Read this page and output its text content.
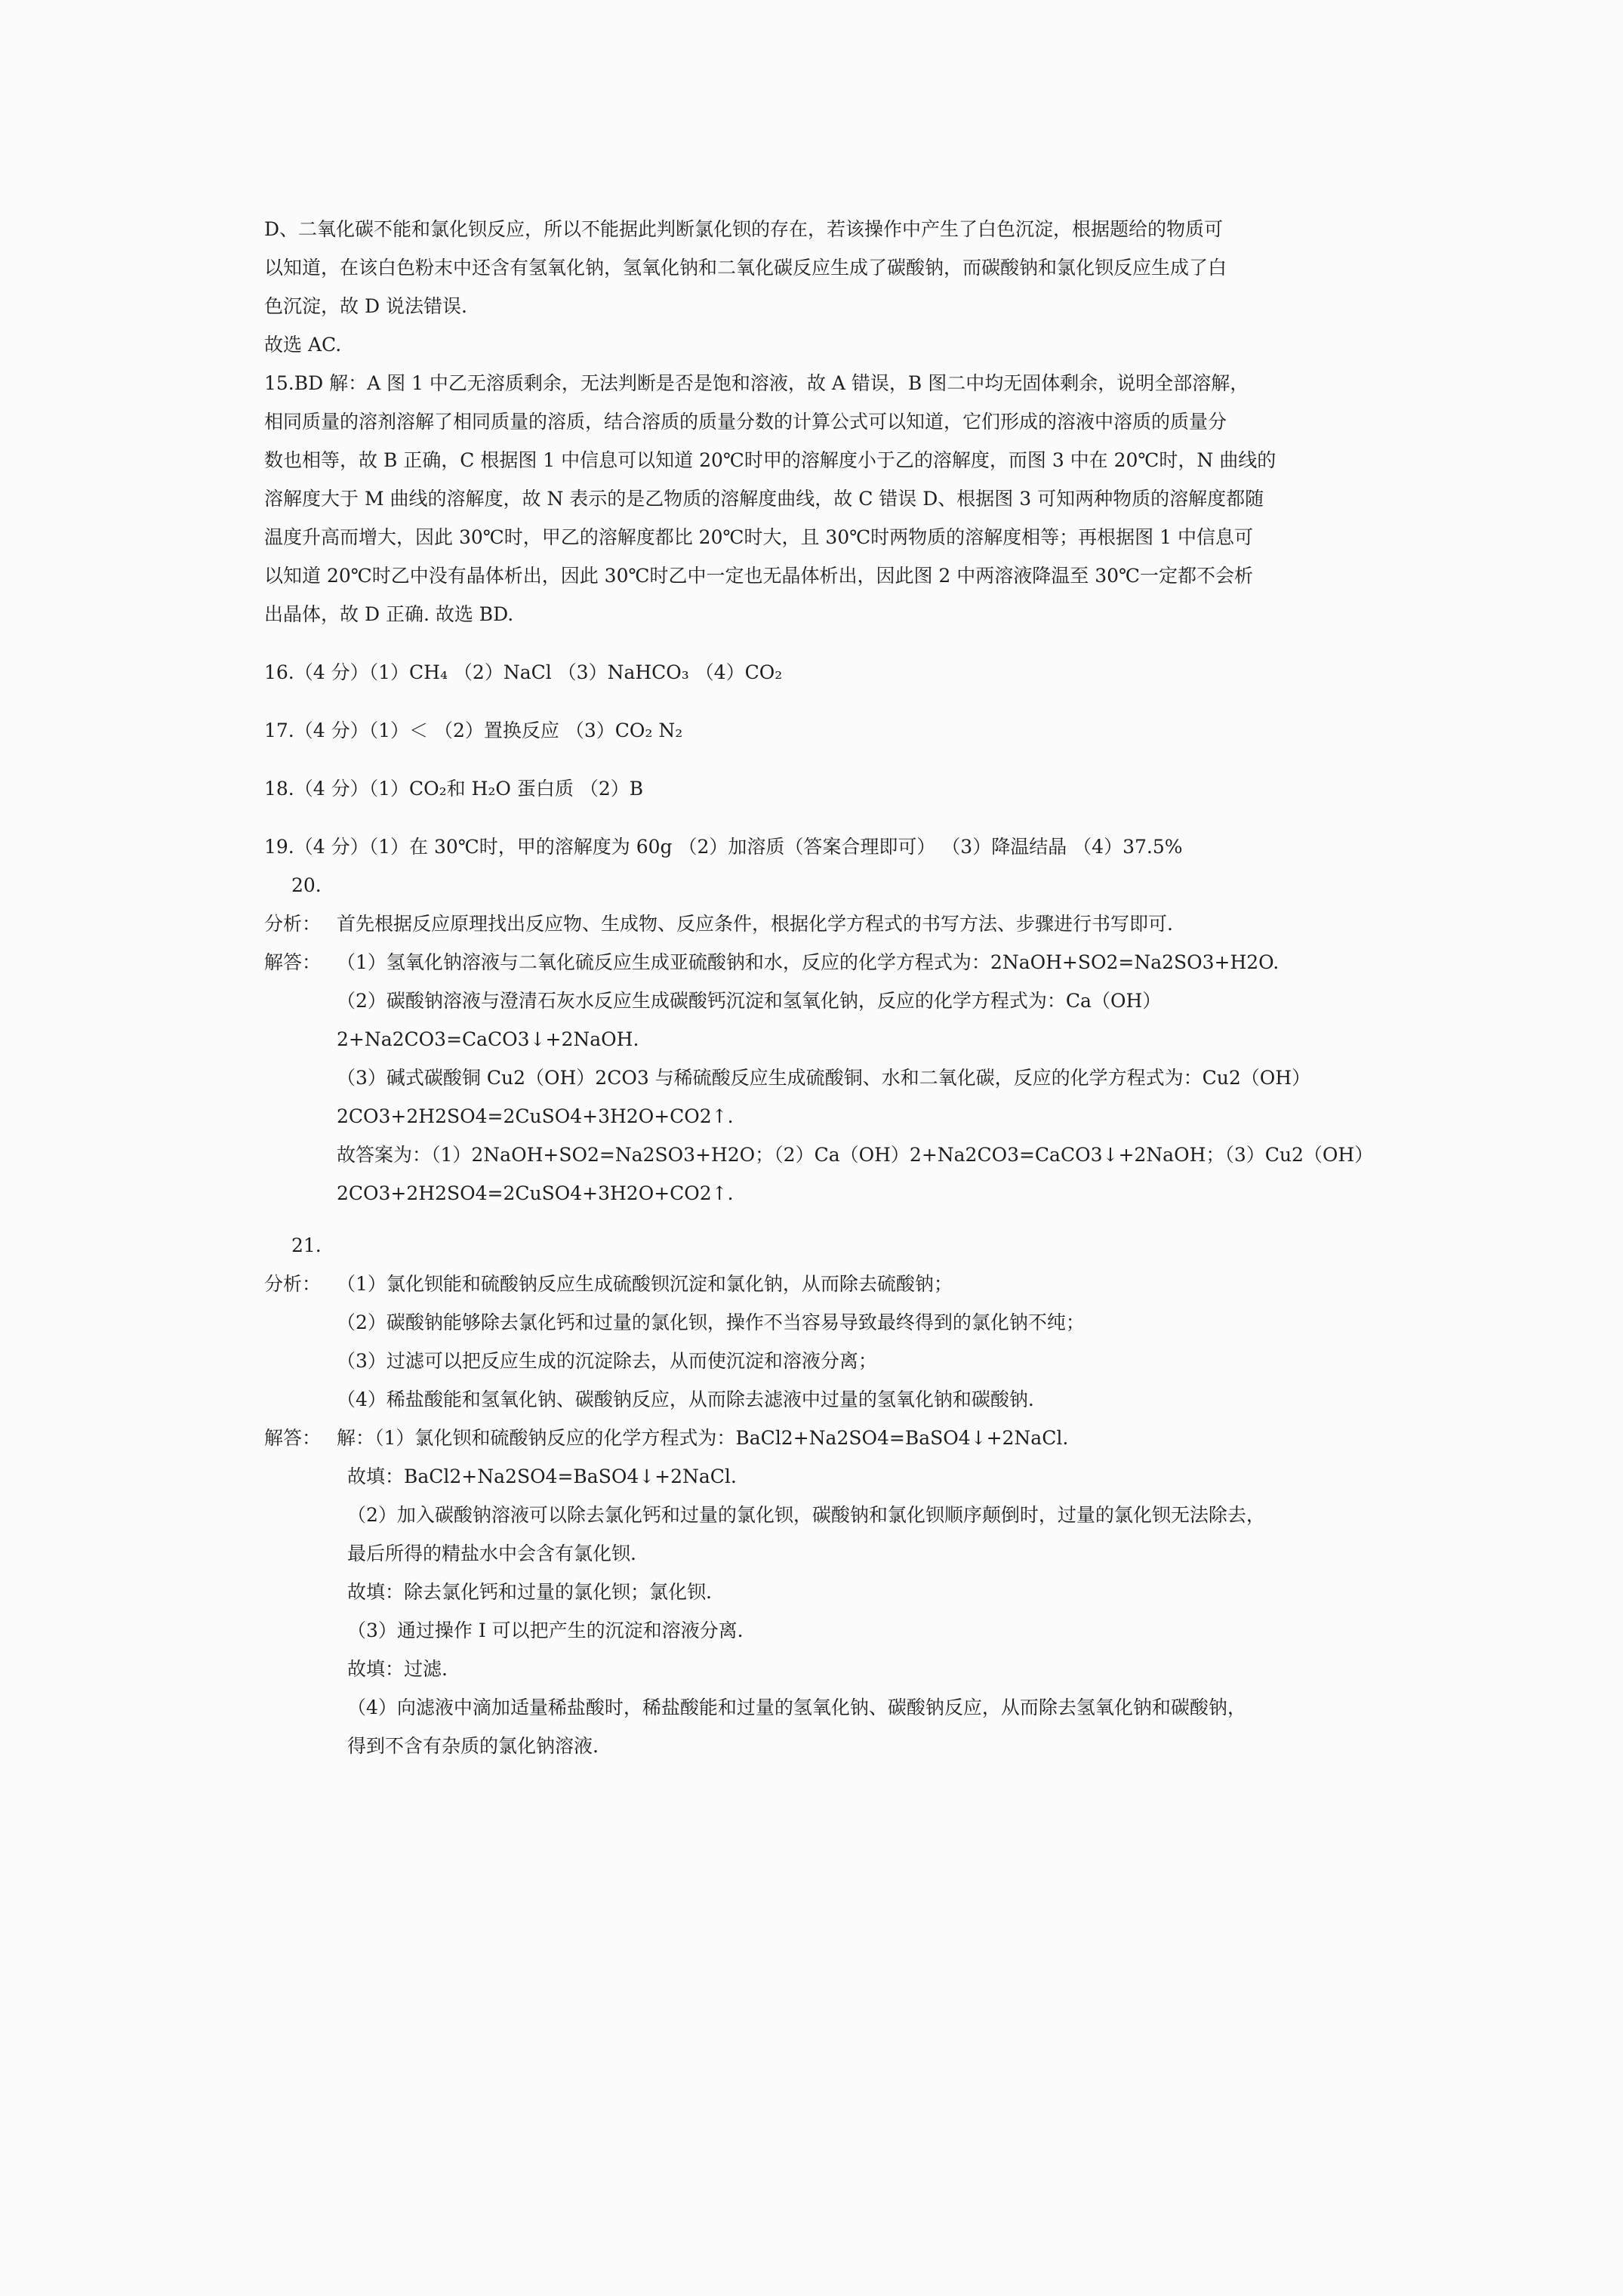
D、二氧化碳不能和氯化钡反应，所以不能据此判断氯化钡的存在，若该操作中产生了白色沉淀，根据题给的物质可

以知道，在该白色粉末中还含有氢氧化钠，氢氧化钠和二氧化碳反应生成了碳酸钠，而碳酸钠和氯化钡反应生成了白

色沉淀，故 D 说法错误.

故选 AC.

15.BD 解：A 图 1 中乙无溶质剩余，无法判断是否是饱和溶液，故 A 错误，B 图二中均无固体剩余，说明全部溶解，

相同质量的溶剂溶解了相同质量的溶质，结合溶质的质量分数的计算公式可以知道，它们形成的溶液中溶质的质量分

数也相等，故 B 正确，C 根据图 1 中信息可以知道 20℃时甲的溶解度小于乙的溶解度，而图 3 中在 20℃时，N 曲线的

溶解度大于 M 曲线的溶解度，故 N 表示的是乙物质的溶解度曲线，故 C 错误 D、根据图 3 可知两种物质的溶解度都随

温度升高而增大，因此 30℃时，甲乙的溶解度都比 20℃时大，且 30℃时两物质的溶解度相等；再根据图 1 中信息可

以知道 20℃时乙中没有晶体析出，因此 30℃时乙中一定也无晶体析出，因此图 2 中两溶液降温至 30℃一定都不会析

出晶体，故 D 正确. 故选 BD.

16.（4 分）（1）CH₄ （2）NaCl （3）NaHCO₃ （4）CO₂

17.（4 分）（1）＜ （2）置换反应 （3）CO₂ N₂

18.（4 分）（1）CO₂和 H₂O 蛋白质 （2）B

19.（4 分）（1）在 30℃时，甲的溶解度为 60g （2）加溶质（答案合理即可） （3）降温结晶 （4）37.5%

20.

分析： 首先根据反应原理找出反应物、生成物、反应条件，根据化学方程式的书写方法、步骤进行书写即可.

解答： （1）氢氧化钠溶液与二氧化硫反应生成亚硫酸钠和水，反应的化学方程式为：2NaOH+SO2=Na2SO3+H2O.

（2）碳酸钠溶液与澄清石灰水反应生成碳酸钙沉淀和氢氧化钠，反应的化学方程式为：Ca（OH）

2+Na2CO3=CaCO3↓+2NaOH.

（3）碱式碳酸铜 Cu2（OH）2CO3 与稀硫酸反应生成硫酸铜、水和二氧化碳，反应的化学方程式为：Cu2（OH）

2CO3+2H2SO4=2CuSO4+3H2O+CO2↑.

故答案为：（1）2NaOH+SO2=Na2SO3+H2O；（2）Ca（OH）2+Na2CO3=CaCO3↓+2NaOH；（3）Cu2（OH）

2CO3+2H2SO4=2CuSO4+3H2O+CO2↑.

21.

分析： （1）氯化钡能和硫酸钠反应生成硫酸钡沉淀和氯化钠，从而除去硫酸钠；

（2）碳酸钠能够除去氯化钙和过量的氯化钡，操作不当容易导致最终得到的氯化钠不纯；

（3）过滤可以把反应生成的沉淀除去，从而使沉淀和溶液分离；

（4）稀盐酸能和氢氧化钠、碳酸钠反应，从而除去滤液中过量的氢氧化钠和碳酸钠.

解答： 解：（1）氯化钡和硫酸钠反应的化学方程式为：BaCl2+Na2SO4=BaSO4↓+2NaCl.

故填：BaCl2+Na2SO4=BaSO4↓+2NaCl.

（2）加入碳酸钠溶液可以除去氯化钙和过量的氯化钡，碳酸钠和氯化钡顺序颠倒时，过量的氯化钡无法除去，

最后所得的精盐水中会含有氯化钡.

故填：除去氯化钙和过量的氯化钡；氯化钡.

（3）通过操作 I 可以把产生的沉淀和溶液分离.

故填：过滤.

（4）向滤液中滴加适量稀盐酸时，稀盐酸能和过量的氢氧化钠、碳酸钠反应，从而除去氢氧化钠和碳酸钠，

得到不含有杂质的氯化钠溶液.
